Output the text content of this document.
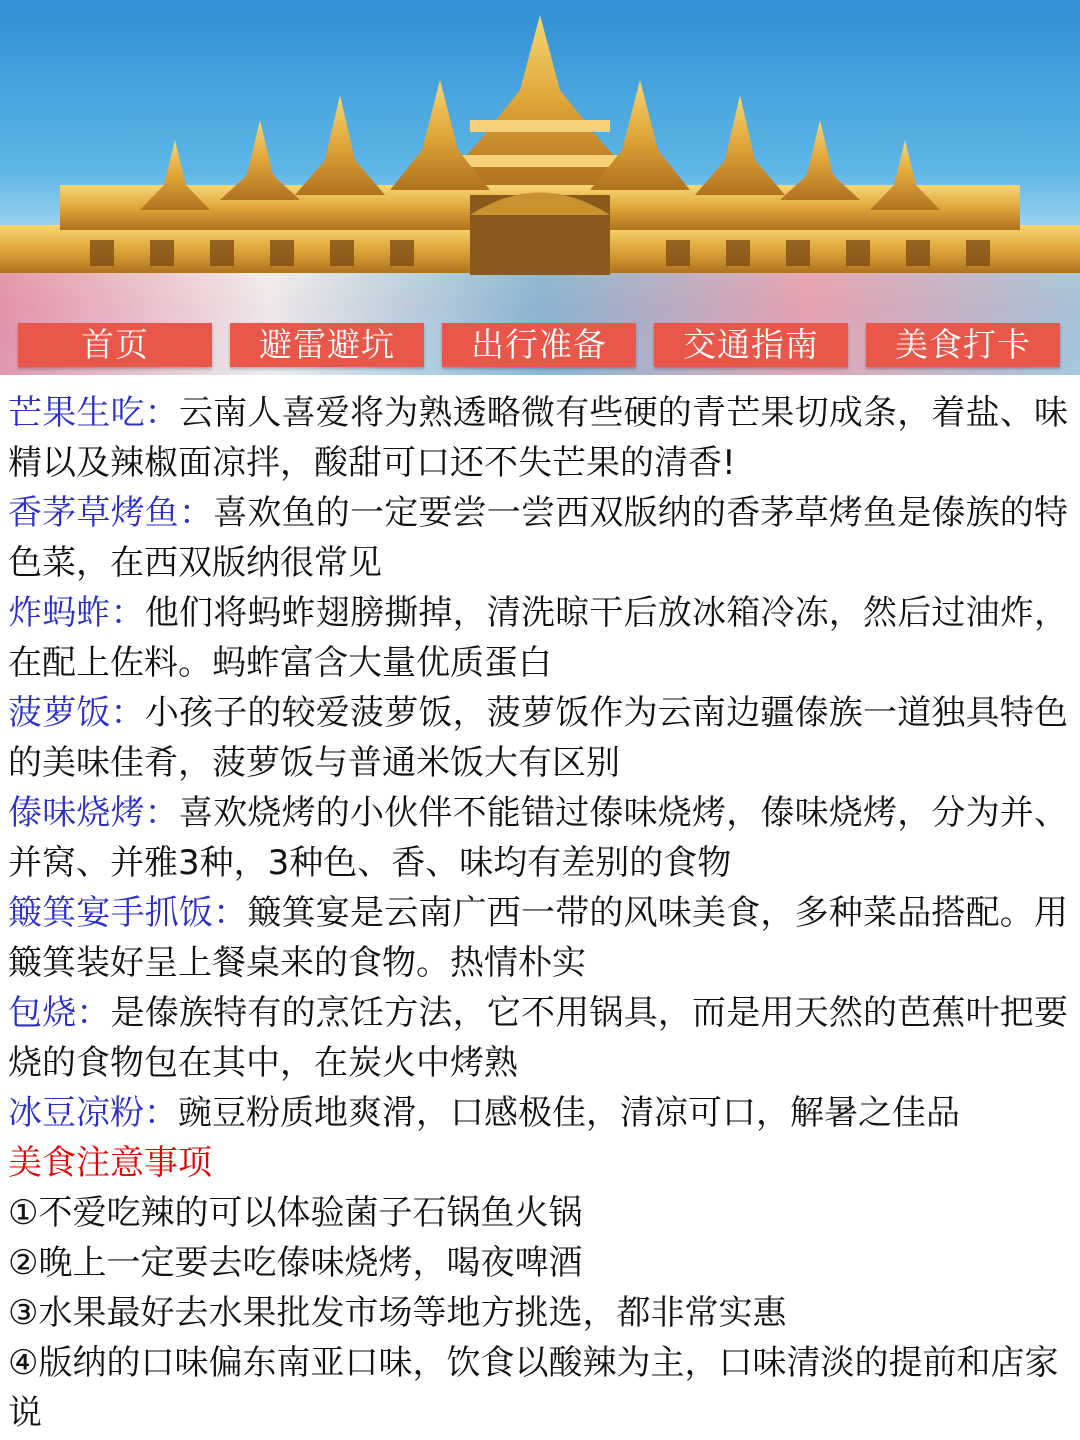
首页	避雷避坑	出行准备	交通指南	美食打卡

芒果生吃：云南人喜爱将为熟透略微有些硬的青芒果切成条，着盐、味精以及辣椒面凉拌，酸甜可口还不失芒果的清香!

香茅草烤鱼：喜欢鱼的一定要尝一尝西双版纳的香茅草烤鱼是傣族的特色菜，在西双版纳很常见

炸蚂蚱：他们将蚂蚱翅膀撕掉，清洗晾干后放冰箱冷冻，然后过油炸，在配上佐料。蚂蚱富含大量优质蛋白

菠萝饭：小孩子的较爱菠萝饭，菠萝饭作为云南边疆傣族一道独具特色的美味佳肴，菠萝饭与普通米饭大有区别

傣味烧烤：喜欢烧烤的小伙伴不能错过傣味烧烤，傣味烧烤，分为并、并窝、并雅3种，3种色、香、味均有差别的食物

簸箕宴手抓饭：簸箕宴是云南广西一带的风味美食，多种菜品搭配。用簸箕装好呈上餐桌来的食物。热情朴实

包烧：是傣族特有的烹饪方法，它不用锅具，而是用天然的芭蕉叶把要烧的食物包在其中，在炭火中烤熟

冰豆凉粉：豌豆粉质地爽滑，口感极佳，清凉可口，解暑之佳品

美食注意事项

①不爱吃辣的可以体验菌子石锅鱼火锅

②晚上一定要去吃傣味烧烤，喝夜啤酒

③水果最好去水果批发市场等地方挑选，都非常实惠

④版纳的口味偏东南亚口味，饮食以酸辣为主，口味清淡的提前和店家说
